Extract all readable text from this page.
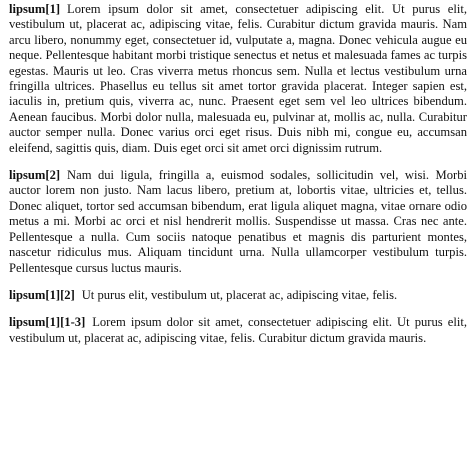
lipsum[1] Lorem ipsum dolor sit amet, consectetuer adipiscing elit. Ut purus elit, vestibulum ut, placerat ac, adipiscing vitae, felis. Curabitur dictum gravida mauris. Nam arcu libero, nonummy eget, consectetuer id, vulputate a, magna. Donec vehicula augue eu neque. Pellentesque habitant morbi tristique senectus et netus et malesuada fames ac turpis egestas. Mauris ut leo. Cras viverra metus rhoncus sem. Nulla et lectus vestibulum urna fringilla ultrices. Phasellus eu tellus sit amet tortor gravida placerat. Integer sapien est, iaculis in, pretium quis, viverra ac, nunc. Praesent eget sem vel leo ultrices bibendum. Aenean faucibus. Morbi dolor nulla, malesuada eu, pulvinar at, mollis ac, nulla. Curabitur auctor semper nulla. Donec varius orci eget risus. Duis nibh mi, congue eu, accumsan eleifend, sagittis quis, diam. Duis eget orci sit amet orci dignissim rutrum.

lipsum[2] Nam dui ligula, fringilla a, euismod sodales, sollicitudin vel, wisi. Morbi auctor lorem non justo. Nam lacus libero, pretium at, lobortis vitae, ultricies et, tellus. Donec aliquet, tortor sed accumsan bibendum, erat ligula aliquet magna, vitae ornare odio metus a mi. Morbi ac orci et nisl hendrerit mollis. Suspendisse ut massa. Cras nec ante. Pellentesque a nulla. Cum sociis natoque penatibus et magnis dis parturient montes, nascetur ridiculus mus. Aliquam tincidunt urna. Nulla ullamcorper vestibulum turpis. Pellentesque cursus luctus mauris.

lipsum[1][2] Ut purus elit, vestibulum ut, placerat ac, adipiscing vitae, felis.

lipsum[1][1-3] Lorem ipsum dolor sit amet, consectetuer adipiscing elit. Ut purus elit, vestibulum ut, placerat ac, adipiscing vitae, felis. Curabitur dictum gravida mauris.
